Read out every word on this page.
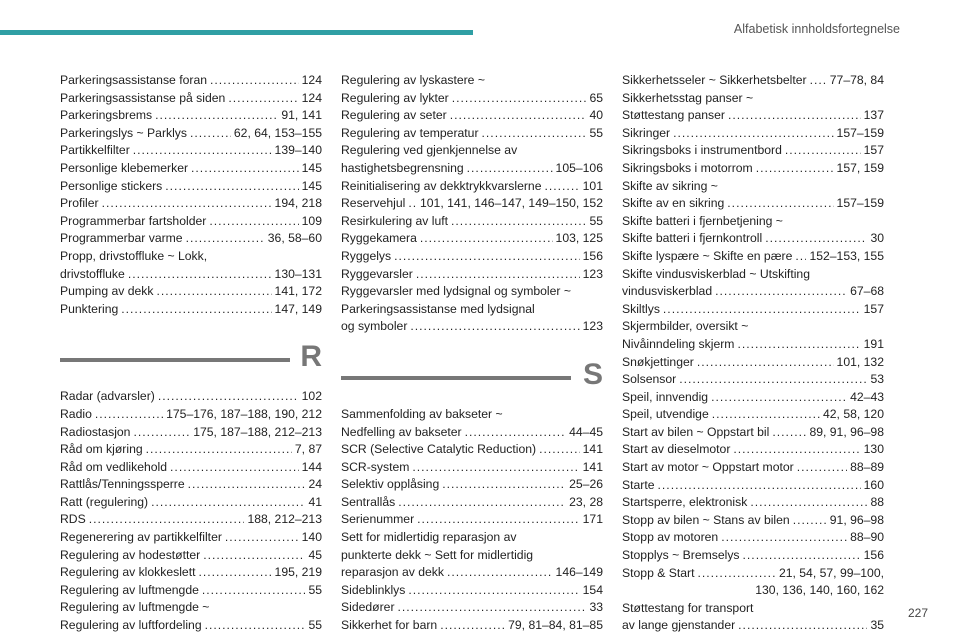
Alfabetisk innholdsfortegnelse
Parkeringsassistanse foran .....	124
Parkeringsassistanse på siden .....	124
Parkeringsbrems .....	91, 141
Parkeringslys ~ Parklys .....	62, 64, 153–155
Partikkelfilter .....	139–140
Personlige klebemerker .....	145
Personlige stickers .....	145
Profiler .....	194, 218
Programmerbar fartsholder .....	109
Programmerbar varme .....	36, 58–60
Propp, drivstoffluke ~ Lokk,
drivstoffluke .....	130–131
Pumping av dekk .....	141, 172
Punktering .....	147, 149
R
Radar (advarsler) .....	102
Radio .....	175–176, 187–188, 190, 212
Radiostasjon .....	175, 187–188, 212–213
Råd om kjøring .....	7, 87
Råd om vedlikehold .....	144
Rattlås/Tenningssperre .....	24
Ratt (regulering) .....	41
RDS .....	188, 212–213
Regenerering av partikkelfilter .....	140
Regulering av hodestøtter .....	45
Regulering av klokkeslett .....	195, 219
Regulering av luftmengde .....	55
Regulering av luftmengde ~
Regulering av luftfordeling .....	55
Regulering av lyskastere ~
Regulering av lykter .....	65
Regulering av seter .....	40
Regulering av temperatur .....	55
Regulering ved gjenkjennelse av
hastighetsbegrensning .....	105–106
Reinitialisering av dekktrykkvarslerne .....	101
Reservehjul ..... 101, 141, 146–147, 149–150, 152
Resirkulering av luft .....	55
Ryggekamera .....	103, 125
Ryggelys .....	156
Ryggevarsler .....	123
Ryggevarsler med lydsignal og symboler ~
Parkeringsassistanse med lydsignal
og symboler .....	123
S
Sammenfolding av bakseter ~
Nedfelling av bakseter .....	44–45
SCR (Selective Catalytic Reduction) .....	141
SCR-system .....	141
Selektiv opplåsing .....	25–26
Sentrallås .....	23, 28
Serienummer .....	171
Sett for midlertidig reparasjon av
punkterte dekk ~ Sett for midlertidig
reparasjon av dekk .....	146–149
Sideblinklys .....	154
Sidedører .....	33
Sikkerhet for barn .....	79, 81–84, 81–85
Sikkerhetsseler ~ Sikkerhetsbelter ..... 77–78, 84
Sikkerhetsstag panser ~
Støttestang panser .....	137
Sikringer .....	157–159
Sikringsboks i instrumentbord .....	157
Sikringsboks i motorrom .....	157, 159
Skifte av sikring ~
Skifte av en sikring .....	157–159
Skifte batteri i fjernbetjening ~
Skifte batteri i fjernkontroll .....	30
Skifte lyspære ~ Skifte en pære ..... 152–153, 155
Skifte vindusviskerblad ~ Utskifting
vindusviskerblad .....	67–68
Skiltlys .....	157
Skjermbilder, oversikt ~
Nivåinndeling skjerm .....	191
Snøkjettinger .....	101, 132
Solsensor .....	53
Speil, innvendig .....	42–43
Speil, utvendige .....	42, 58, 120
Start av bilen ~ Oppstart bil .....	89, 91, 96–98
Start av dieselmotor .....	130
Start av motor ~ Oppstart motor .....	88–89
Starte .....	160
Startsperre, elektronisk .....	88
Stopp av bilen ~ Stans av bilen .....	91, 96–98
Stopp av motoren .....	88–90
Stopplys ~ Bremselys .....	156
Stopp & Start .....	21, 54, 57, 99–100,
130, 136, 140, 160, 162
Støttestang for transport
av lange gjenstander .....	35
227
